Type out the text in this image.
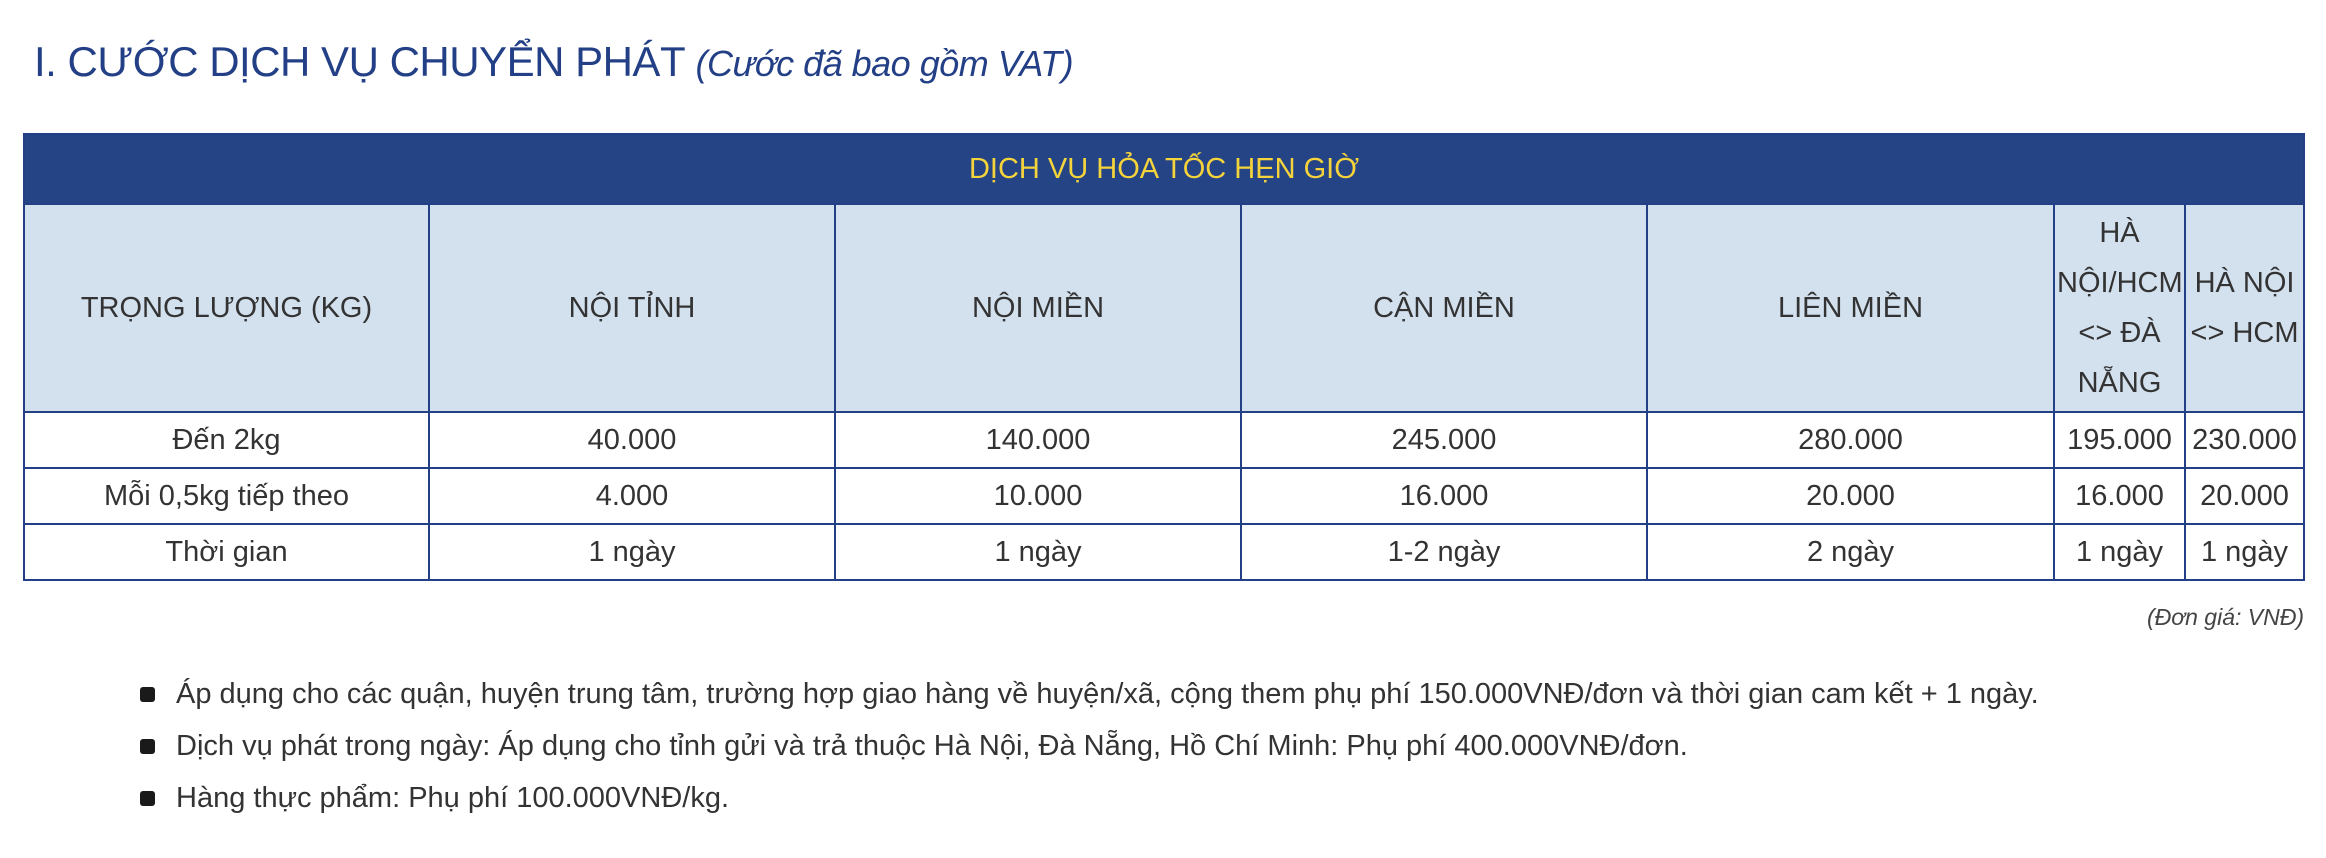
I. CƯỚC DỊCH VỤ CHUYỂN PHÁT (Cước đã bao gồm VAT)
DỊCH VỤ HỎA TỐC HẸN GIỜ						
TRỌNG LƯỢNG (KG)	NỘI TỈNH	NỘI MIỀN	CẬN MIỀN	LIÊN MIỀN	HÀ NỘI/HCM <> ĐÀ NẴNG	HÀ NỘI <> HCM
Đến 2kg	40.000	140.000	245.000	280.000	195.000	230.000
Mỗi 0,5kg tiếp theo	4.000	10.000	16.000	20.000	16.000	20.000
Thời gian	1 ngày	1 ngày	1-2 ngày	2 ngày	1 ngày	1 ngày
(Đơn giá: VNĐ)
Áp dụng cho các quận, huyện trung tâm, trường hợp giao hàng về huyện/xã, cộng them phụ phí 150.000VNĐ/đơn và thời gian cam kết + 1 ngày.
Dịch vụ phát trong ngày: Áp dụng cho tỉnh gửi và trả thuộc Hà Nội, Đà Nẵng, Hồ Chí Minh: Phụ phí 400.000VNĐ/đơn.
Hàng thực phẩm: Phụ phí 100.000VNĐ/kg.
